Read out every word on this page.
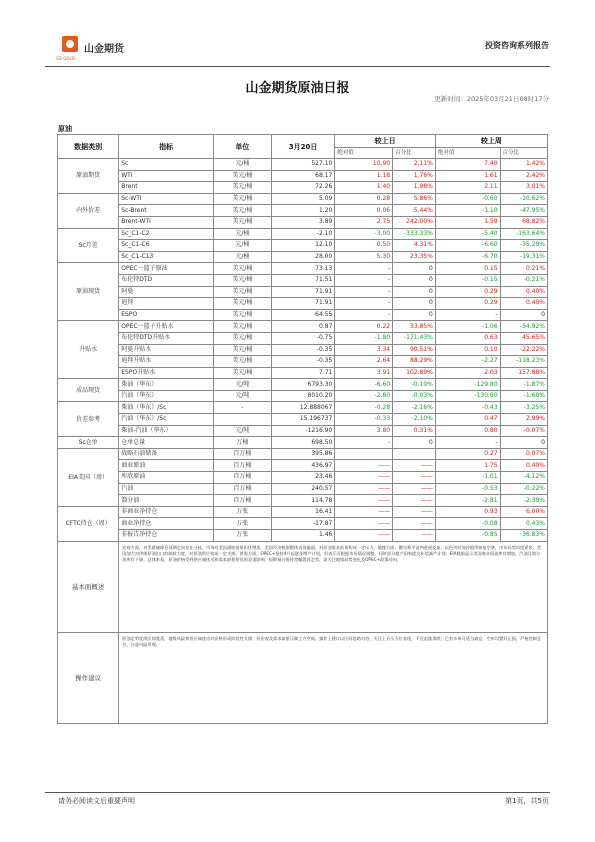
山金期货
SD-GOLD
投资咨询系列报告
山金期货原油日报
更新时间：2025年03月21日08时17分
原油
数据类别	指标	单位	3月20日	较上日		较上周	
				绝对值	百分比	绝对值	百分比
原油期货	Sc	元/桶	527.10	10.90	2.11%	7.40	1.42%
	WTI	美元/桶	68.17	1.18	1.76%	1.61	2.42%
	Brent	美元/桶	72.26	1.40	1.98%	2.11	3.01%
内外价差	Sc-WTI	美元/桶	5.09	0.28	5.86%	-0.60	-10.62%
	Sc-Brent	美元/桶	1.20	0.06	5.44%	-1.10	-47.95%
	Brent-WTI	美元/桶	3.89	2.75	242.00%	1.59	68.82%
Sc月差	Sc_C1-C2	元/桶	-2.10	-3.00	-333.33%	-5.40	-163.64%
	Sc_C1-C6	元/桶	12.10	0.50	4.31%	-6.60	-35.29%
	Sc_C1-C13	元/桶	28.00	5.30	23.35%	-6.70	-19.31%
原油现货	OPEC一篮子原油	美元/桶	73.13	-	0	0.15	0.21%
	布伦特DTD	美元/桶	71.51	-	0	-0.15	-0.21%
	阿曼	美元/桶	71.91	-	0	0.29	0.40%
	迪拜	美元/桶	71.91	-	0	0.29	0.40%
	ESPO	美元/桶	64.55	-	0	-	0
升贴水	OPEC一篮子升贴水	美元/桶	0.87	0.22	33.85%	-1.06	-54.92%
	布伦特DTD升贴水	美元/桶	-0.75	-1.80	-171.43%	0.63	45.65%
	阿曼升贴水	美元/桶	-0.35	3.34	90.51%	0.10	-22.22%
	迪拜升贴水	美元/桶	-0.35	2.64	88.29%	-2.27	-118.23%
	ESPO升贴水	美元/桶	7.71	3.91	102.89%	2.03	157.88%
成品现货	柴油（华东）	元/吨	6793.30	-6.60	-0.10%	-129.80	-1.87%
	汽油（华东）	元/吨	8010.20	-2.80	-0.03%	-130.60	-1.60%
价差参考	柴油（华东）/Sc	-	12.888067	-0.28	-2.16%	-0.43	-3.25%
	汽油（华东）/Sc		15.196737	-0.33	-2.10%	0.47	2.99%
	柴油-汽油（华东）	元/吨	-1216.90	3.80	0.31%	0.80	-0.07%
Sc仓单	仓单总量	万桶	698.50	-	0	-	0
EIA美国（周）	战略石油储备	百万桶	395.86			0.27	0.07%
	商业原油	百万桶	436.97	——	——	1.75	0.40%
	库欣原油	百万桶	23.46	——	——	-1.01	-4.12%
	汽油	百万桶	240.57	——	——	-0.53	-0.22%
	馏分油	百万桶	114.78	——	——	-2.81	-2.39%
CFTC持仓（周）	非商业净持仓	万张	16.41	——	——	0.93	6.00%
	商业净持仓	万张	-17.87	——	——	-0.08	0.43%
	非报告净持仓	万张	1.46	——	——	-0.85	-36.83%
基本面概述	宏观方面，对美联储降息预期走向存在分歧，市场对美国通胀前景担忧增加，美国经济数据整体表现偏弱，对原油需求前景构成一定压力。地缘方面，俄乌和平谈判进展反复，以色列对加沙地带恢复空袭，中东局势再度紧张；美国加大对伊朗原油出口的制裁力度，对原油供应构成一定支撑。供需方面，OPEC+坚持4月起逐步增产计划，但表示可根据市场情况调整，同时部分超产国家提交补偿减产计划；EIA数据显示美国商业原油库存增加，汽油及馏分油库存下降。总体来看，原油价格受到供应端扰动和需求前景担忧的双重影响，短期预计维持宽幅震荡走势，需关注地缘局势变化及OPEC+政策动向。						
操作建议	原油走势延续区间震荡，地缘风险和供应端扰动对价格形成阶段性支撑，但宏观及需求前景压制上方空间。操作上建议以区间思路对待，关注上方压力位表现，不宜追涨杀跌；已有多单可适当减仓，空单设置好止损，严格控制仓位，注意风险管理。						
请务必阅读文后重要声明	第1页，共5页
